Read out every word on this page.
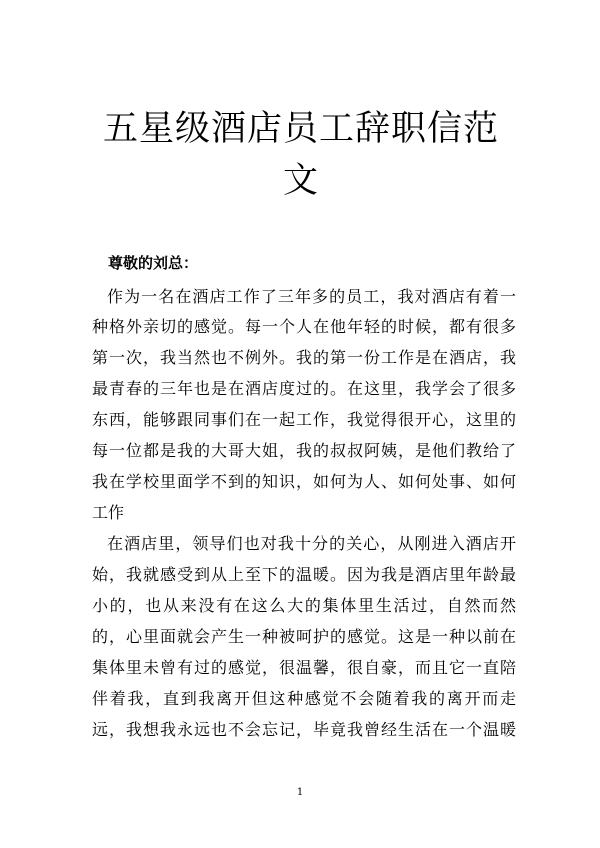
五星级酒店员工辞职信范
文

尊敬的刘总：

作为一名在酒店工作了三年多的员工，我对酒店有着一

种格外亲切的感觉。每一个人在他年轻的时候，都有很多

第一次，我当然也不例外。我的第一份工作是在酒店，我

最青春的三年也是在酒店度过的。在这里，我学会了很多

东西，能够跟同事们在一起工作，我觉得很开心，这里的

每一位都是我的大哥大姐，我的叔叔阿姨，是他们教给了

我在学校里面学不到的知识，如何为人、如何处事、如何

工作

在酒店里，领导们也对我十分的关心，从刚进入酒店开

始，我就感受到从上至下的温暖。因为我是酒店里年龄最

小的，也从来没有在这么大的集体里生活过，自然而然

的，心里面就会产生一种被呵护的感觉。这是一种以前在

集体里未曾有过的感觉，很温馨，很自豪，而且它一直陪

伴着我，直到我离开但这种感觉不会随着我的离开而走

远，我想我永远也不会忘记，毕竟我曾经生活在一个温暖

1
